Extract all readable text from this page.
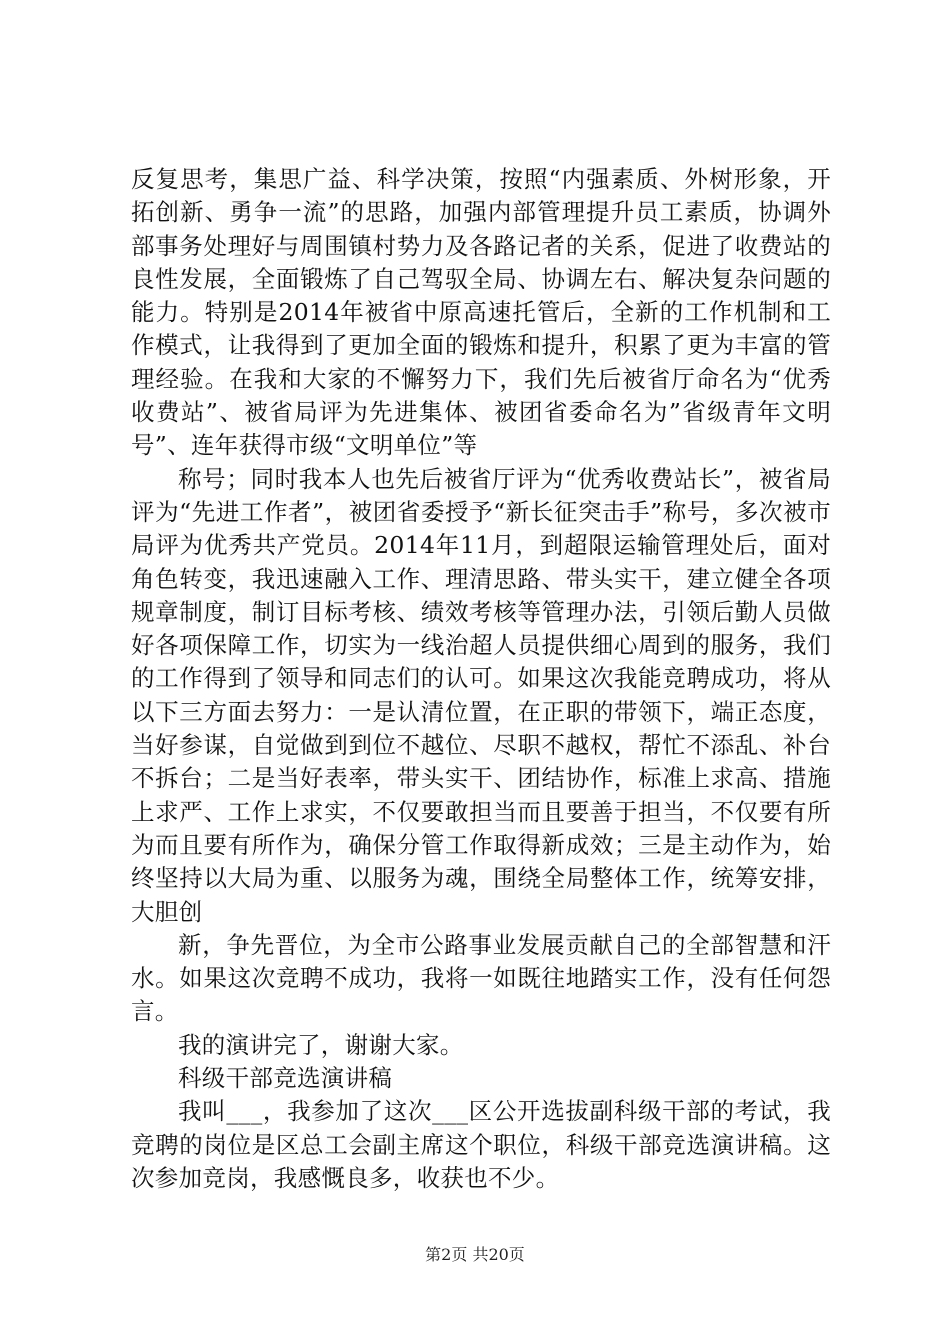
反复思考，集思广益、科学决策，按照“内强素质、外树形象，开拓创新、勇争一流”的思路，加强内部管理提升员工素质，协调外部事务处理好与周围镇村势力及各路记者的关系，促进了收费站的良性发展，全面锻炼了自己驾驭全局、协调左右、解决复杂问题的能力。特别是2014年被省中原高速托管后，全新的工作机制和工作模式，让我得到了更加全面的锻炼和提升，积累了更为丰富的管理经验。在我和大家的不懈努力下，我们先后被省厅命名为“优秀收费站”、被省局评为先进集体、被团省委命名为”省级青年文明号”、连年获得市级“文明单位”等

称号；同时我本人也先后被省厅评为“优秀收费站长”，被省局评为“先进工作者”，被团省委授予“新长征突击手”称号，多次被市局评为优秀共产党员。2014年11月，到超限运输管理处后，面对角色转变，我迅速融入工作、理清思路、带头实干，建立健全各项规章制度，制订目标考核、绩效考核等管理办法，引领后勤人员做好各项保障工作，切实为一线治超人员提供细心周到的服务，我们的工作得到了领导和同志们的认可。如果这次我能竞聘成功，将从以下三方面去努力：一是认清位置，在正职的带领下，端正态度，当好参谋，自觉做到到位不越位、尽职不越权，帮忙不添乱、补台不拆台；二是当好表率，带头实干、团结协作，标准上求高、措施上求严、工作上求实，不仅要敢担当而且要善于担当，不仅要有所为而且要有所作为，确保分管工作取得新成效；三是主动作为，始终坚持以大局为重、以服务为魂，围绕全局整体工作，统筹安排，大胆创

新，争先晋位，为全市公路事业发展贡献自己的全部智慧和汗水。如果这次竞聘不成功，我将一如既往地踏实工作，没有任何怨言。

我的演讲完了，谢谢大家。

科级干部竞选演讲稿

我叫___，我参加了这次___区公开选拔副科级干部的考试，我竞聘的岗位是区总工会副主席这个职位，科级干部竞选演讲稿。这次参加竞岗，我感慨良多，收获也不少。

第2页 共20页
